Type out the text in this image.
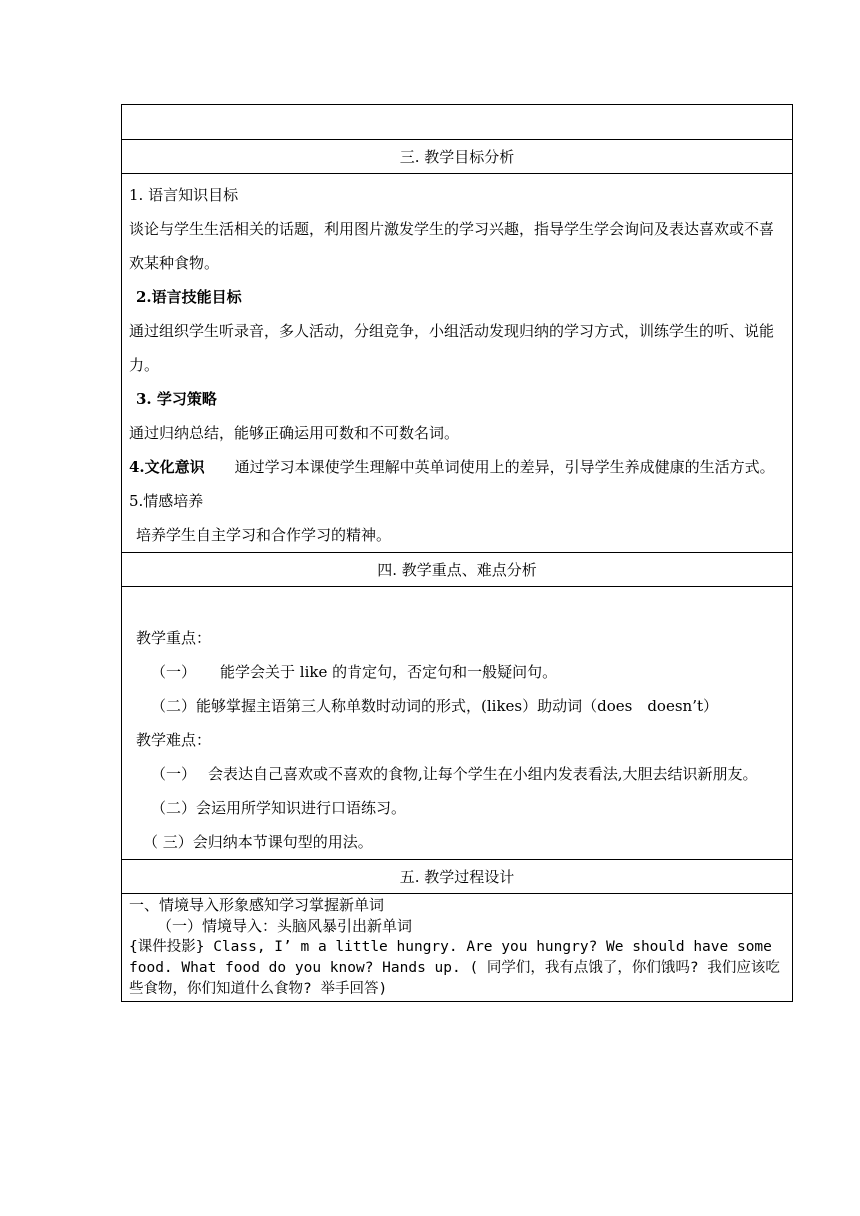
三. 教学目标分析

1. 语言知识目标

谈论与学生生活相关的话题，利用图片激发学生的学习兴趣，指导学生学会询问及表达喜欢或不喜欢某种食物。

2.语言技能目标

通过组织学生听录音，多人活动，分组竞争，小组活动发现归纳的学习方式，训练学生的听、说能力。

3. 学习策略

通过归纳总结，能够正确运用可数和不可数名词。

4.文化意识 通过学习本课使学生理解中英单词使用上的差异，引导学生养成健康的生活方式。

5.情感培养

培养学生自主学习和合作学习的精神。

四. 教学重点、难点分析

教学重点：

（一） 能学会关于 like 的肯定句，否定句和一般疑问句。

（二）能够掌握主语第三人称单数时动词的形式，(likes）助动词（does　doesn’t）

教学难点：

（一） 会表达自己喜欢或不喜欢的食物,让每个学生在小组内发表看法,大胆去结识新朋友。

（二）会运用所学知识进行口语练习。

（ 三）会归纳本节课句型的用法。

五. 教学过程设计

一、情境导入形象感知学习掌握新单词

（一）情境导入：头脑风暴引出新单词

{课件投影} Class, I’ m a little hungry. Are you hungry? We should have some food. What food do you know? Hands up. ( 同学们，我有点饿了，你们饿吗? 我们应该吃些食物，你们知道什么食物? 举手回答)
